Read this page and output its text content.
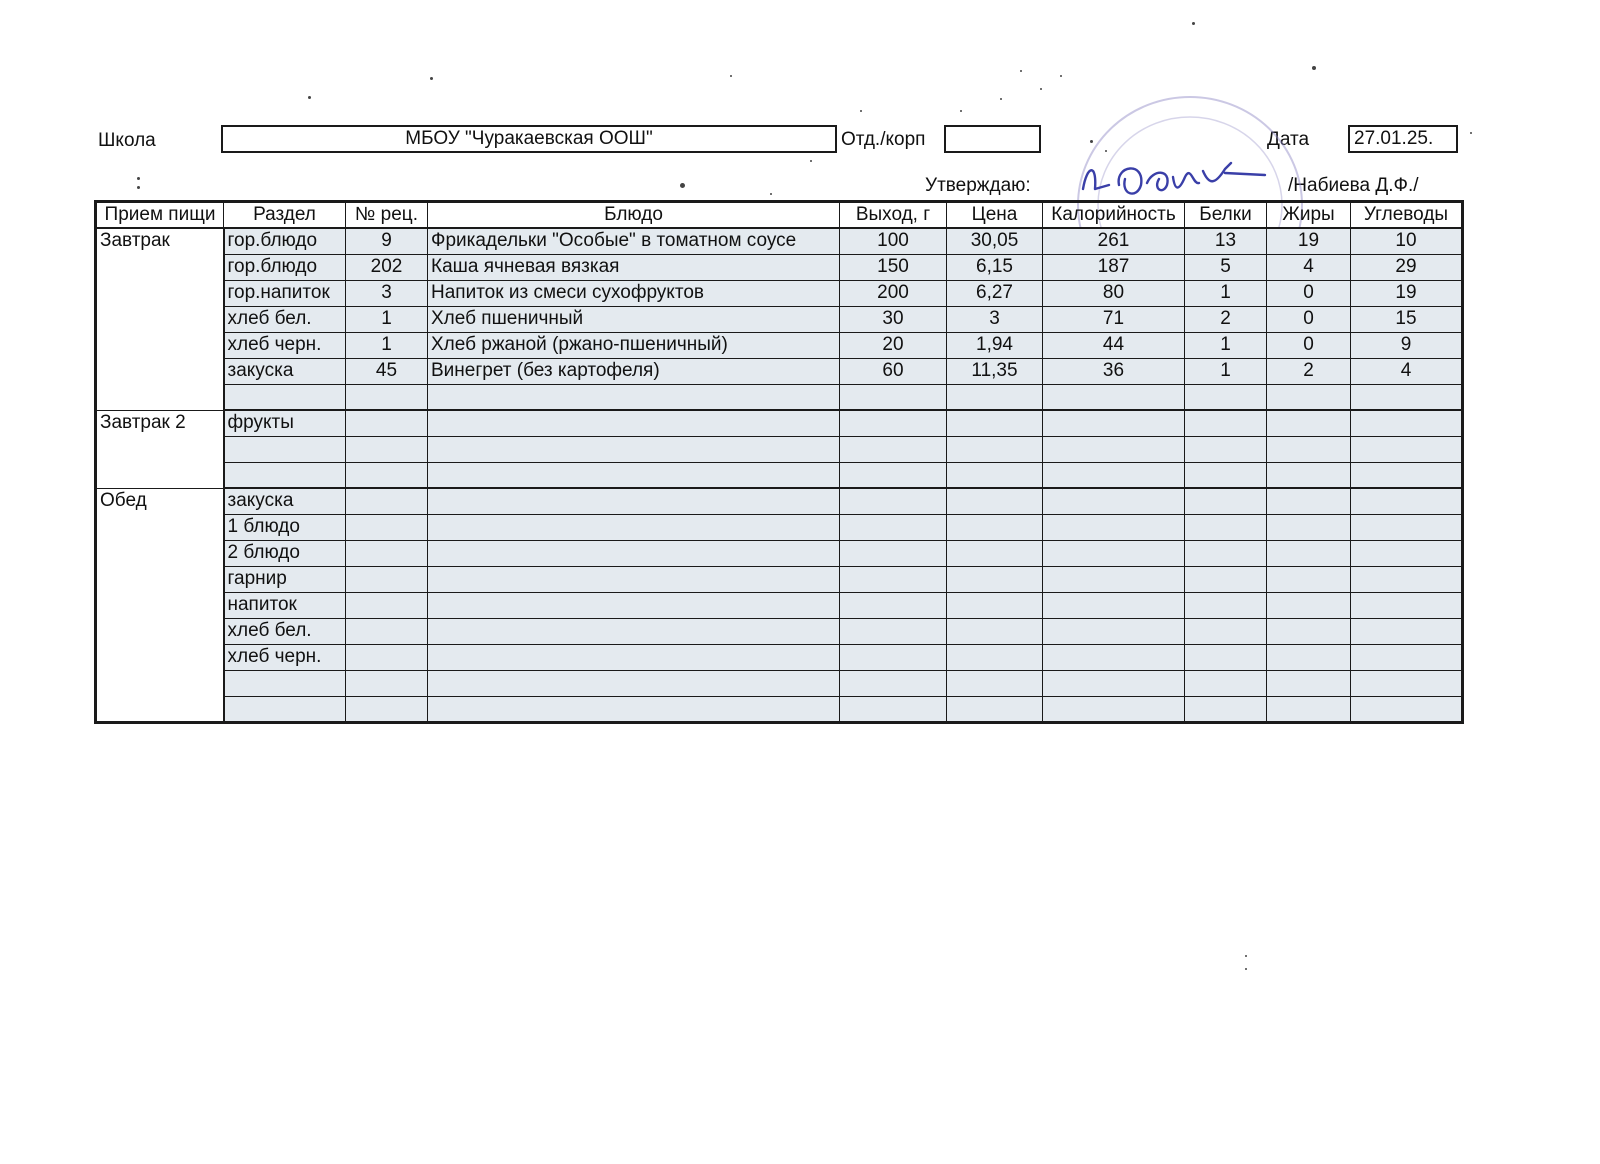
Школа	МБОУ "Чуракаевская ООШ"	Отд./корп	Дата 27.01.25.
Утверждаю:	/Набиева Д.Ф./
Прием пищи	Раздел	№ рец.	Блюдо	Выход, г	Цена	Калорийность	Белки	Жиры	Углеводы
Завтрак	гор.блюдо	9	Фрикадельки "Особые" в томатном соусе	100	30,05	261	13	19	10
	гор.блюдо	202	Каша ячневая вязкая	150	6,15	187	5	4	29
	гор.напиток	3	Напиток из смеси сухофруктов	200	6,27	80	1	0	19
	хлеб бел.	1	Хлеб пшеничный	30	3	71	2	0	15
	хлеб черн.	1	Хлеб ржаной (ржано-пшеничный)	20	1,94	44	1	0	9
	закуска	45	Винегрет (без картофеля)	60	11,35	36	1	2	4

Завтрак 2	фрукты								

Обед	закуска								
	1 блюдо								
	2 блюдо								
	гарнир								
	напиток								
	хлеб бел.								
	хлеб черн.								
